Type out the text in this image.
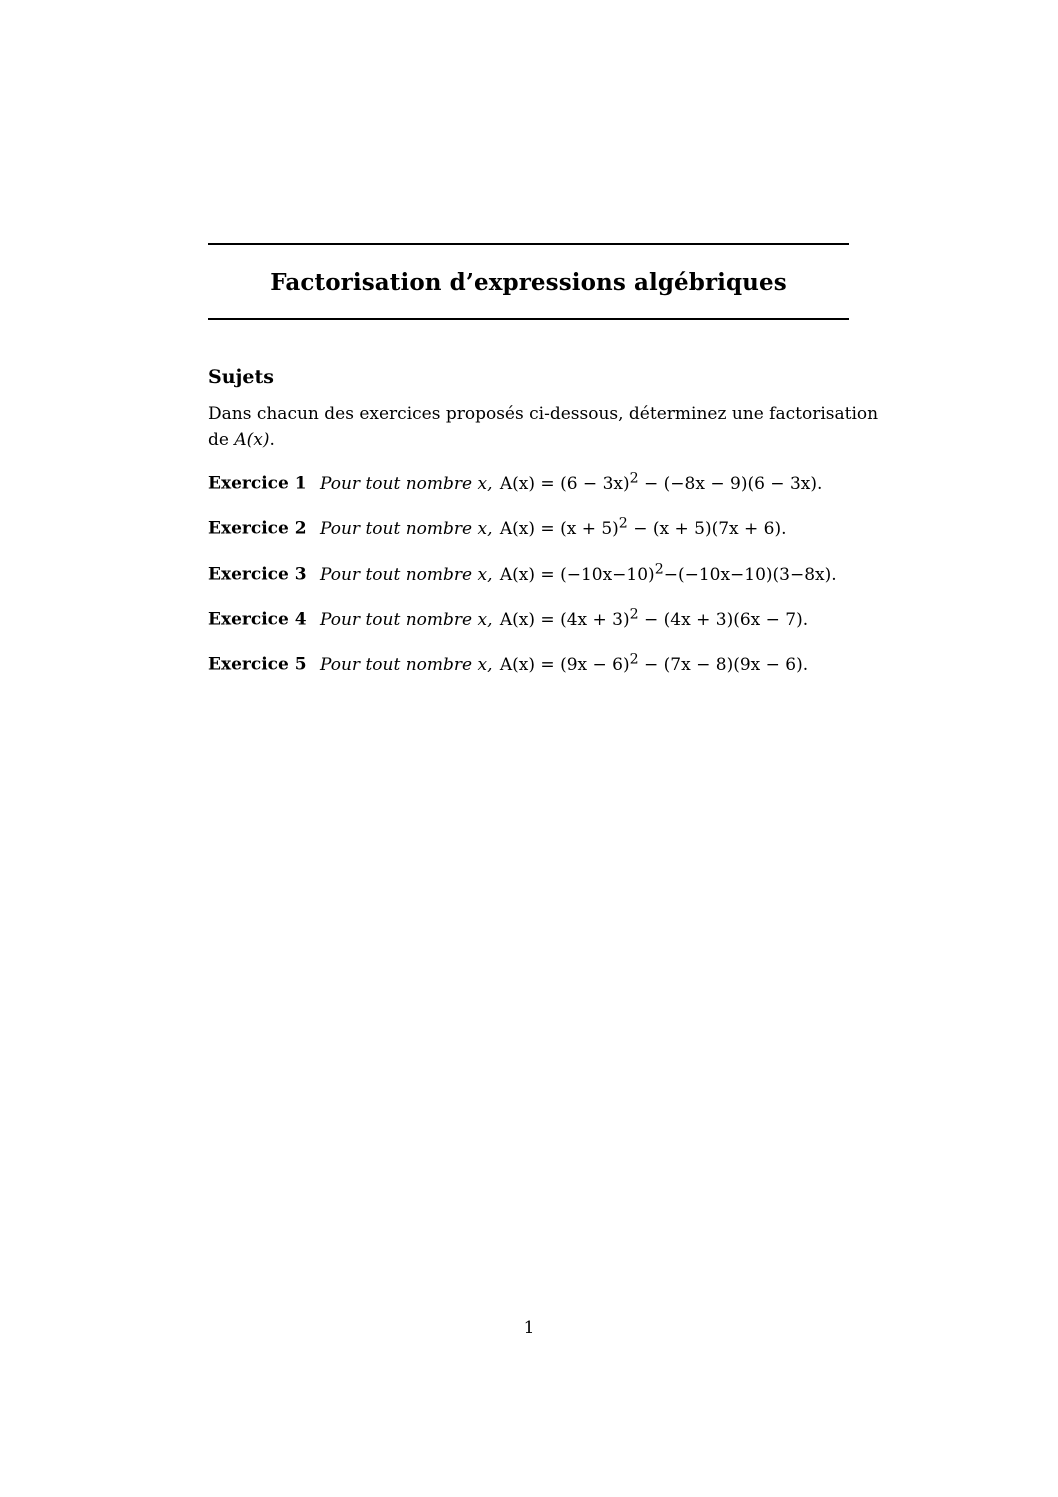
Factorisation d’expressions algébriques
Sujets
Dans chacun des exercices proposés ci-dessous, déterminez une factorisation
de A(x).
Exercice 1 Pour tout nombre x, $A(x) = (6 - 3x)^2 - (-8x - 9)(6 - 3x)$.
Exercice 2 Pour tout nombre x, $A(x) = (x + 5)^2 - (x + 5)(7x + 6)$.
Exercice 3 Pour tout nombre x, $A(x) = (-10x-10)^2-(-10x-10)(3-8x)$.
Exercice 4 Pour tout nombre x, $A(x) = (4x + 3)^2 - (4x + 3)(6x - 7)$.
Exercice 5 Pour tout nombre x, $A(x) = (9x - 6)^2 - (7x - 8)(9x - 6)$.
1
